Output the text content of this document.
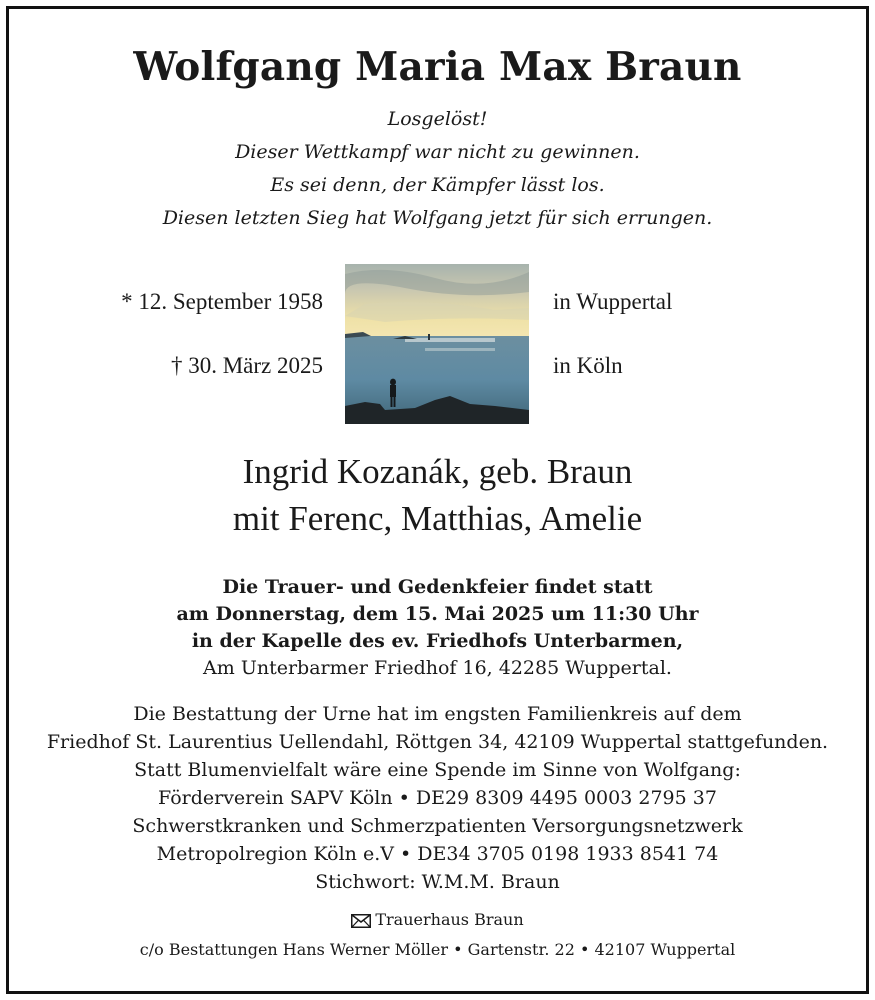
Wolfgang Maria Max Braun
Losgelöst!
Dieser Wettkampf war nicht zu gewinnen.
Es sei denn, der Kämpfer lässt los.
Diesen letzten Sieg hat Wolfgang jetzt für sich errungen.
* 12. September 1958	in Wuppertal
† 30. März 2025	in Köln
Ingrid Kozanák, geb. Braun
mit Ferenc, Matthias, Amelie
Die Trauer- und Gedenkfeier findet statt
am Donnerstag, dem 15. Mai 2025 um 11:30 Uhr
in der Kapelle des ev. Friedhofs Unterbarmen,
Am Unterbarmer Friedhof 16, 42285 Wuppertal.
Die Bestattung der Urne hat im engsten Familienkreis auf dem
Friedhof St. Laurentius Uellendahl, Röttgen 34, 42109 Wuppertal stattgefunden.
Statt Blumenvielfalt wäre eine Spende im Sinne von Wolfgang:
Förderverein SAPV Köln • DE29 8309 4495 0003 2795 37
Schwerstkranken und Schmerzpatienten Versorgungsnetzwerk
Metropolregion Köln e.V • DE34 3705 0198 1933 8541 74
Stichwort: W.M.M. Braun
Trauerhaus Braun
c/o Bestattungen Hans Werner Möller • Gartenstr. 22 • 42107 Wuppertal
